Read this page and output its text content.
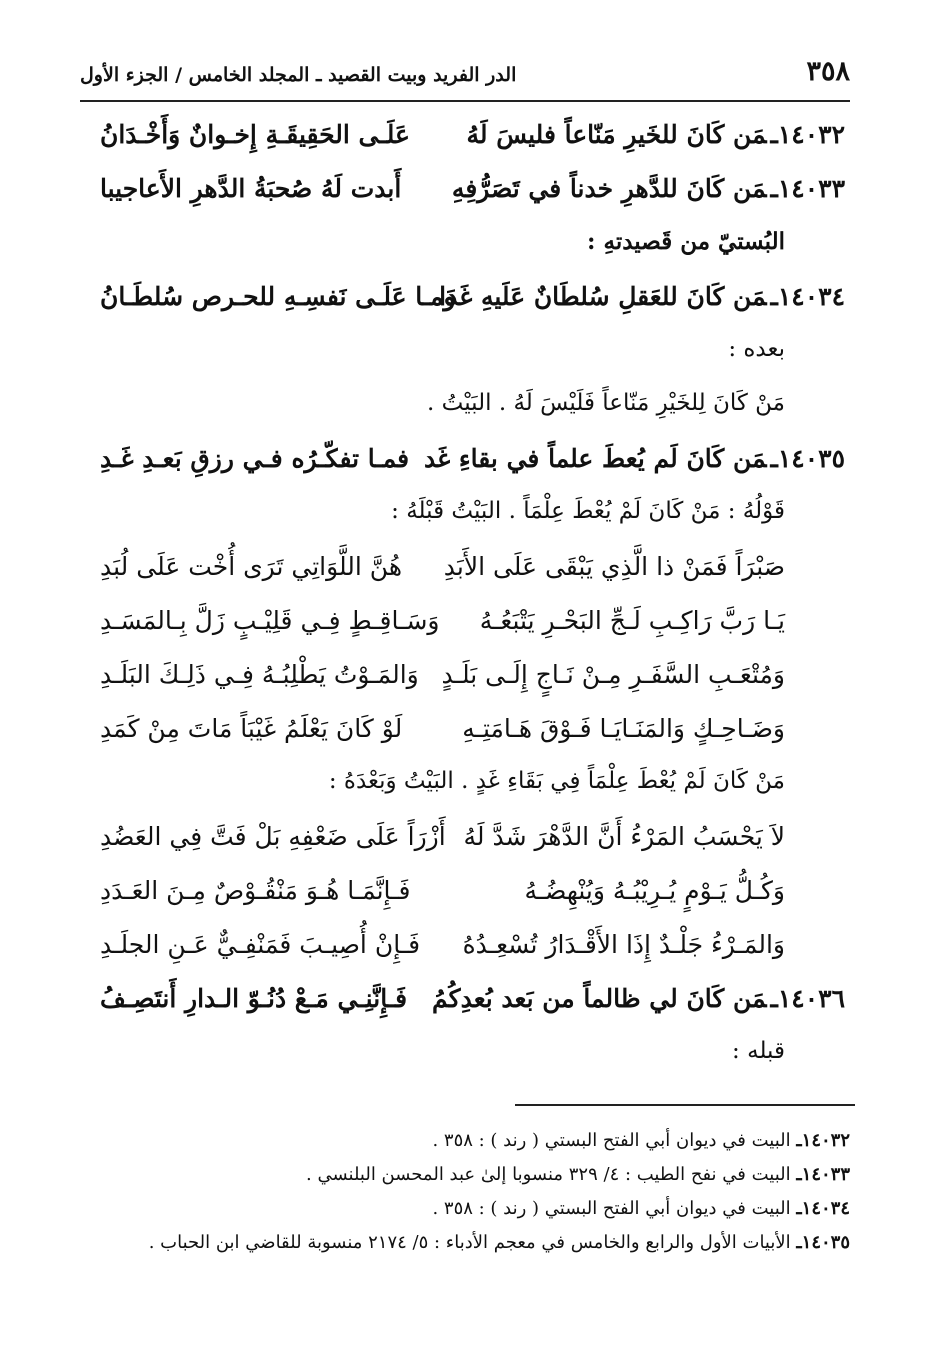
٣٥٨
الدر الفريد وبيت القصيد ـ المجلد الخامس / الجزء الأول
١٤٠٣٢ـمَن كَانَ للخَيرِ مَنّاعاً فليسَ لَهُ
عَلَـى الحَقِيقَـةِ إِخـوانٌ وَأَخْـدَانُ
١٤٠٣٣ـمَن كَانَ للدَّهرِ خدناً في تَصَرُّفِهِ
أَبدت لَهُ صُحبَةُ الدَّهرِ الأَعاجيبا
البُستيّ من قَصيدتهِ :
١٤٠٣٤ـمَن كَانَ للعَقلِ سُلطَانٌ عَلَيهِ غَدَا
ومـا عَلَـى نَفسِـهِ للحـرص سُلطَـانُ
بعده :
مَنْ كَانَ لِلخَيْرِ مَنّاعاً فَلَيْسَ لَهُ . البَيْتُ .
١٤٠٣٥ـمَن كَانَ لَم يُعطَ علماً في بقاءِ غَد
فمـا تفكّـرُه فـي رزقِ بَعـدِ غَـدِ
قَوْلُهُ : مَنْ كَانَ لَمْ يُعْطَ عِلْمَاً . البَيْتُ قَبْلَهُ :
صَبْرَاً فَمَنْ ذا الَّذِي يَبْقَى عَلَى الأَبَدِ
هُنَّ اللَّوَاتِي تَرَى أُخْت عَلَى لُبَدِ
يَـا رَبَّ رَاكِـبِ لَـجِّ البَحْـرِ يَتْبَعُـهُ
وَسَـاقِـطٍ فِـي قَلِيْـبٍ زَلَّ بِـالمَسَـدِ
وَمُتْعَـبِ السَّفَـرِ مِـنْ نَـاجٍ إِلَـى بَلَـدٍ
وَالمَـوْتُ يَطْلِبُـهُ فِـي ذَلِـكَ البَلَـدِ
وَضَـاحِـكٍ وَالمَنَـايَـا فَـوْقَ هَـامَتِـهِ
لَوْ كَانَ يَعْلَمُ غَيْبَاً مَاتَ مِنْ كَمَدِ
مَنْ كَانَ لَمْ يُعْطَ عِلْمَاً فِي بَقَاءِ غَدٍ . البَيْتُ وَبَعْدَهُ :
لاَ يَحْسَبُ المَرْءُ أَنَّ الدَّهْرَ شَدَّ لَهُ
أَزْرَاً عَلَى ضَعْفِهِ بَلْ فَتَّ فِي العَضُدِ
وَكُـلُّ يَـوْمٍ يُـرِيْبُـهُ وَيُنْهِضُـهُ
فَـإِنَّمَـا هُـوَ مَنْقُـوْصٌ مِـنَ العَـدَدِ
وَالمَـرْءُ جَلْـدٌ إِذَا الأَقْـدَارُ تُسْعِـدُهُ
فَـإِنْ أُصِيـبَ فَمَنْفِـيٌّ عَـنِ الجلَـدِ
١٤٠٣٦ـمَن كَانَ لي ظالماً من بَعد بُعدِكُمُ
فَـإِنَّنِـي مَـعْ دُنُـوّ الـدارِ أَنتَصِـفُ
قبله :
١٤٠٣٢ـ البيت في ديوان أبي الفتح البستي ( رند ) : ٣٥٨ .
١٤٠٣٣ـ البيت في نفح الطيب : ٤/ ٣٢٩ منسوبا إلىٰ عبد المحسن البلنسي .
١٤٠٣٤ـ البيت في ديوان أبي الفتح البستي ( رند ) : ٣٥٨ .
١٤٠٣٥ـ الأبيات الأول والرابع والخامس في معجم الأدباء : ٥/ ٢١٧٤ منسوبة للقاضي ابن الحباب .
